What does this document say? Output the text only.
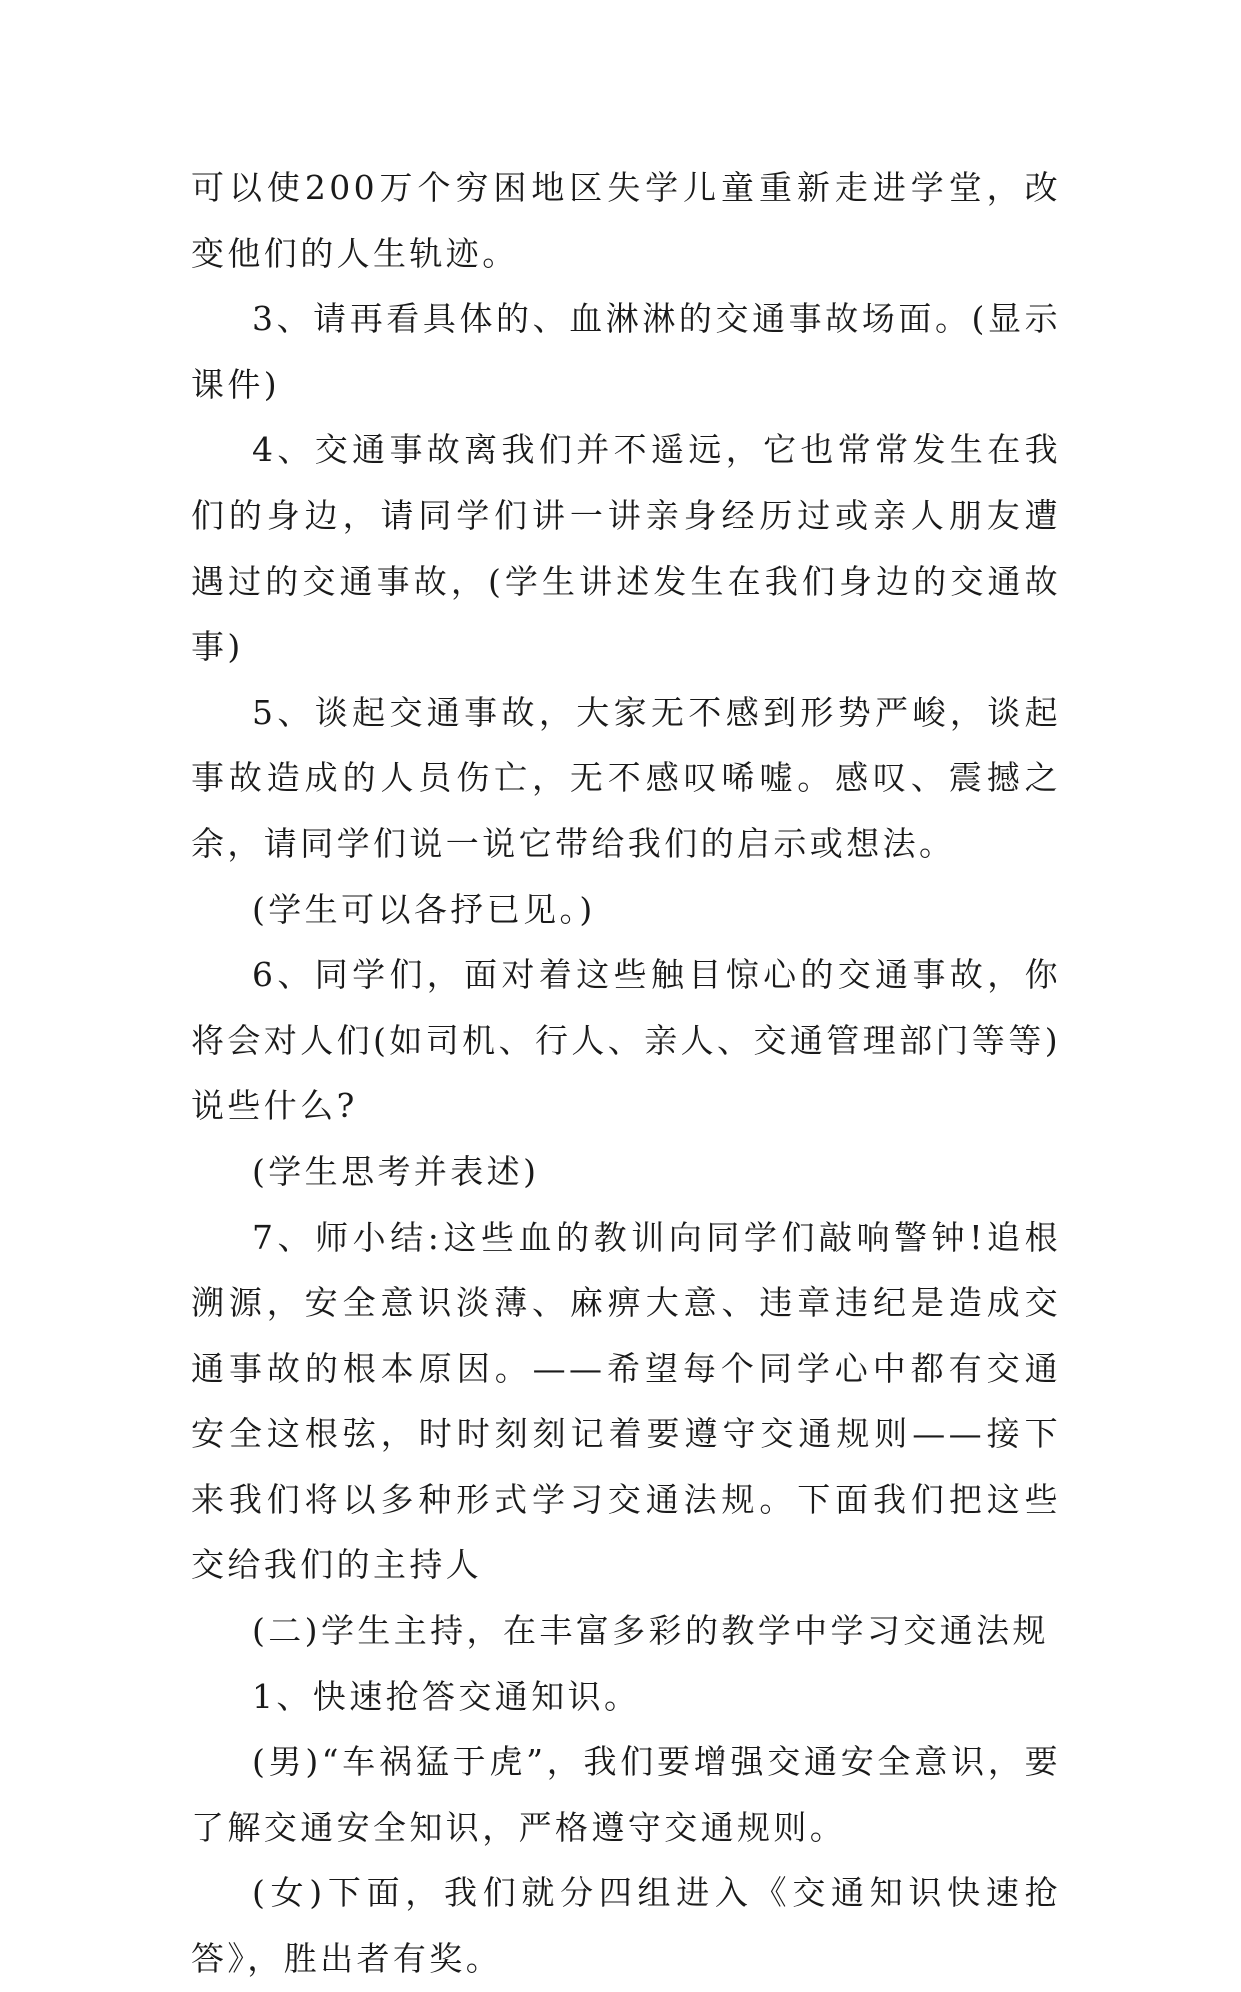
可以使200万个穷困地区失学儿童重新走进学堂，改变他们的人生轨迹。

3、请再看具体的、血淋淋的交通事故场面。(显示课件)

4、交通事故离我们并不遥远，它也常常发生在我们的身边，请同学们讲一讲亲身经历过或亲人朋友遭遇过的交通事故，(学生讲述发生在我们身边的交通故事)

5、谈起交通事故，大家无不感到形势严峻，谈起事故造成的人员伤亡，无不感叹唏嘘。感叹、震撼之余，请同学们说一说它带给我们的启示或想法。

(学生可以各抒已见。)

6、同学们，面对着这些触目惊心的交通事故，你将会对人们(如司机、行人、亲人、交通管理部门等等)说些什么?

(学生思考并表述)

7、师小结:这些血的教训向同学们敲响警钟!追根溯源，安全意识淡薄、麻痹大意、违章违纪是造成交通事故的根本原因。——希望每个同学心中都有交通安全这根弦，时时刻刻记着要遵守交通规则——接下来我们将以多种形式学习交通法规。下面我们把这些交给我们的主持人

(二)学生主持，在丰富多彩的教学中学习交通法规

1、快速抢答交通知识。

(男)“车祸猛于虎”，我们要增强交通安全意识，要了解交通安全知识，严格遵守交通规则。

(女)下面，我们就分四组进入《交通知识快速抢答》，胜出者有奖。
